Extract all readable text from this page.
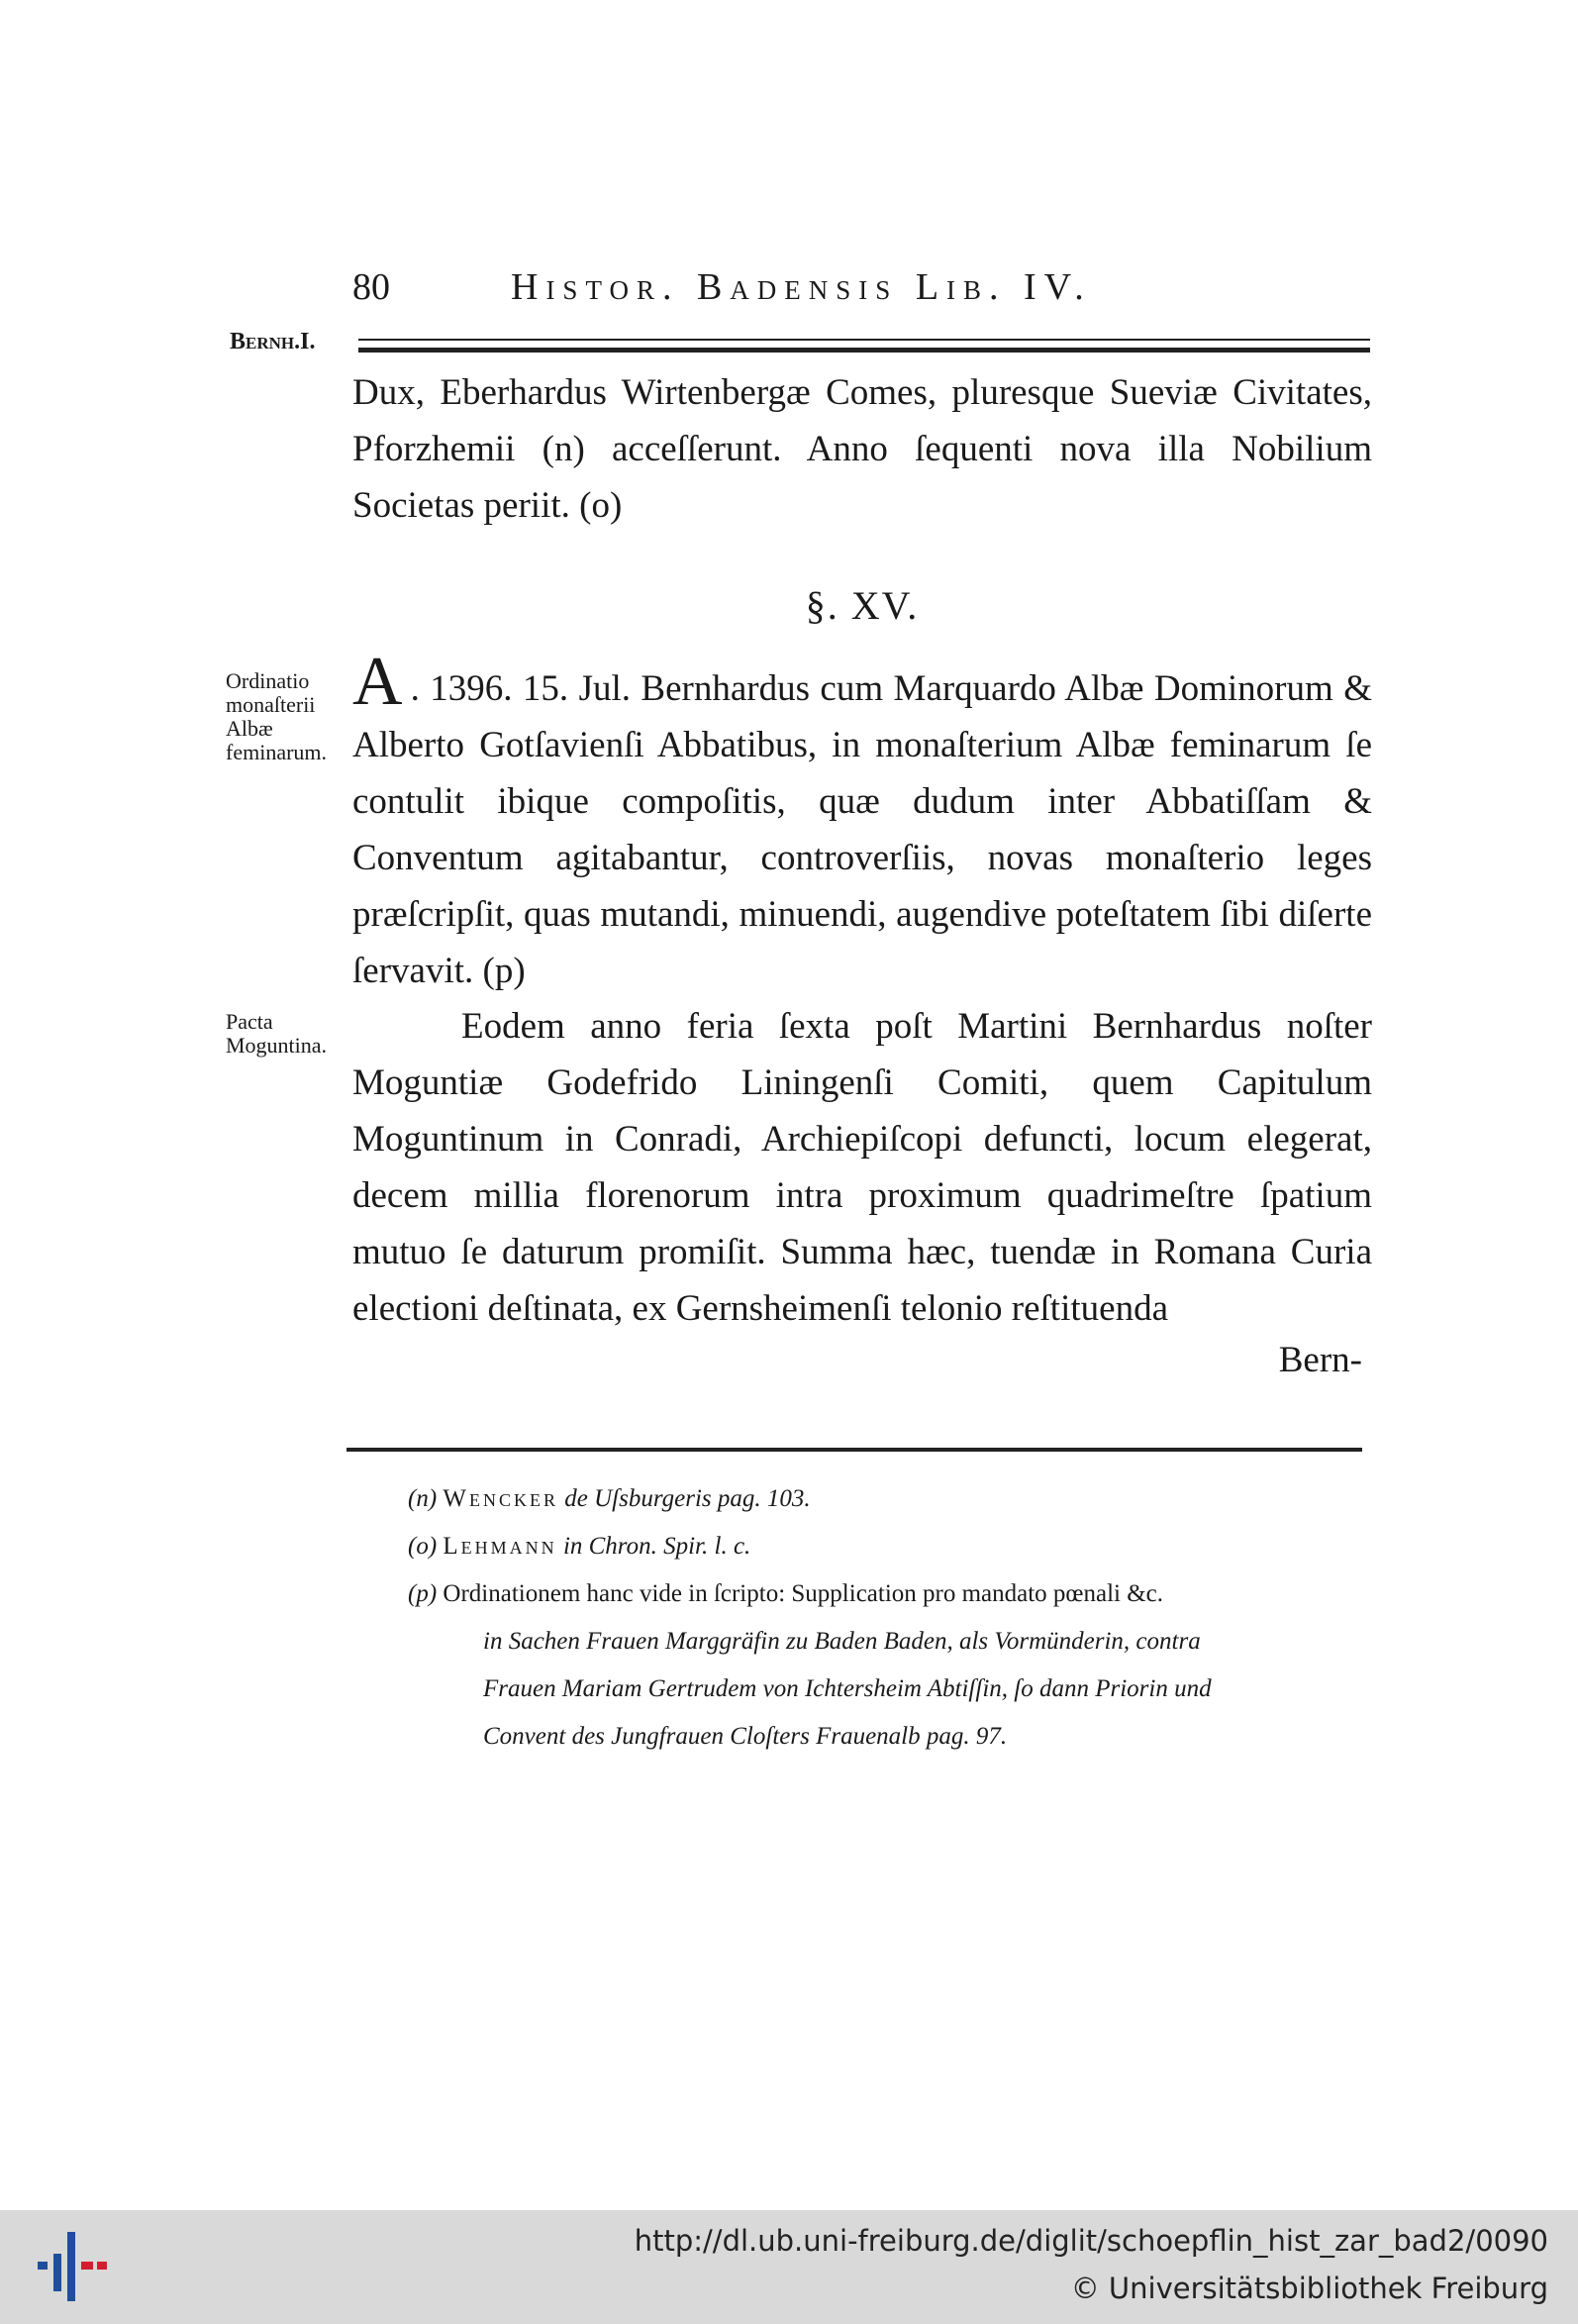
80	Histor. Badensis Lib. IV.
Bernh.I.

Dux, Eberhardus Wirtenbergæ Comes, pluresque Sueviæ Civitates, Pforzhemii (n) acceſſerunt. Anno ſequenti nova illa Nobilium Societas periit. (o)

§. XV.
Ordinatio monaſterii Albæ feminarum.

A . 1396. 15. Jul. Bernhardus cum Marquardo Albæ Dominorum & Alberto Gotſavienſi Abbatibus, in monaſterium Albæ feminarum ſe contulit ibique compoſitis, quæ dudum inter Abbatiſſam & Conventum agitabantur, controverſiis, novas monaſterio leges præſcripſit, quas mutandi, minuendi, augendive poteſtatem ſibi diſerte ſervavit. (p)

Pacta Moguntina.	Eodem anno feria ſexta poſt Martini Bernhardus noſter Moguntiæ Godefrido Liningenſi Comiti, quem Capitulum Moguntinum in Conradi, Archiepiſcopi defuncti, locum elegerat, decem millia florenorum intra proximum quadrimeſtre ſpatium mutuo ſe daturum promiſit. Summa hæc, tuendæ in Romana Curia electioni deſtinata, ex Gernsheimenſi telonio reſtituenda

Bern-

(n) Wencker de Uſsburgeris pag. 103.

(o) Lehmann in Chron. Spir. l. c.

(p) Ordinationem hanc vide in ſcripto: Supplication pro mandato pœnali &c.

in Sachen Frauen Marggräfin zu Baden Baden, als Vormünderin, contra

Frauen Mariam Gertrudem von Ichtersheim Abtiſſin, ſo dann Priorin und

Convent des Jungfrauen Cloſters Frauenalb pag. 97.

http://dl.ub.uni-freiburg.de/diglit/schoepflin_hist_zar_bad2/0090
© Universitätsbibliothek Freiburg
